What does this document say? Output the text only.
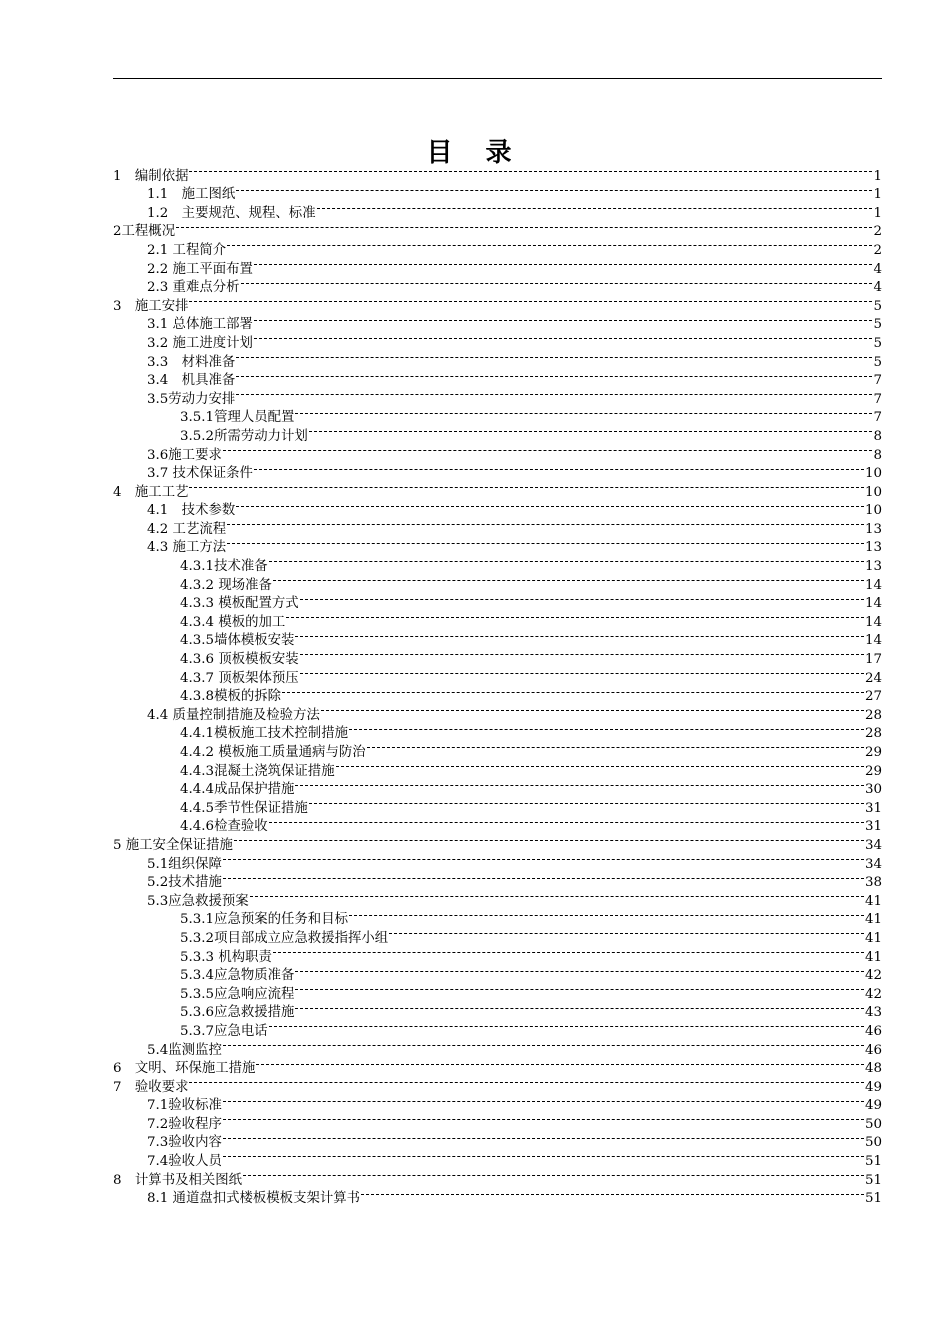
目 录
1　编制依据	1
1.1　施工图纸	1
1.2　主要规范、规程、标准	1
2工程概况	2
2.1 工程简介	2
2.2 施工平面布置	4
2.3 重难点分析	4
3　施工安排	5
3.1 总体施工部署	5
3.2 施工进度计划	5
3.3　材料准备	5
3.4　机具准备	7
3.5劳动力安排	7
3.5.1管理人员配置	7
3.5.2所需劳动力计划	8
3.6施工要求	8
3.7 技术保证条件	10
4　施工工艺	10
4.1　技术参数	10
4.2 工艺流程	13
4.3 施工方法	13
4.3.1技术准备	13
4.3.2 现场准备	14
4.3.3 模板配置方式	14
4.3.4 模板的加工	14
4.3.5墙体模板安装	14
4.3.6 顶板模板安装	17
4.3.7 顶板架体预压	24
4.3.8模板的拆除	27
4.4 质量控制措施及检验方法	28
4.4.1模板施工技术控制措施	28
4.4.2 模板施工质量通病与防治	29
4.4.3混凝土浇筑保证措施	29
4.4.4成品保护措施	30
4.4.5季节性保证措施	31
4.4.6检查验收	31
5 施工安全保证措施	34
5.1组织保障	34
5.2技术措施	38
5.3应急救援预案	41
5.3.1应急预案的任务和目标	41
5.3.2项目部成立应急救援指挥小组	41
5.3.3 机构职责	41
5.3.4应急物质准备	42
5.3.5应急响应流程	42
5.3.6应急救援措施	43
5.3.7应急电话	46
5.4监测监控	46
6　文明、环保施工措施	48
7　验收要求	49
7.1验收标准	49
7.2验收程序	50
7.3验收内容	50
7.4验收人员	51
8　计算书及相关图纸	51
8.1 通道盘扣式楼板模板支架计算书	51
